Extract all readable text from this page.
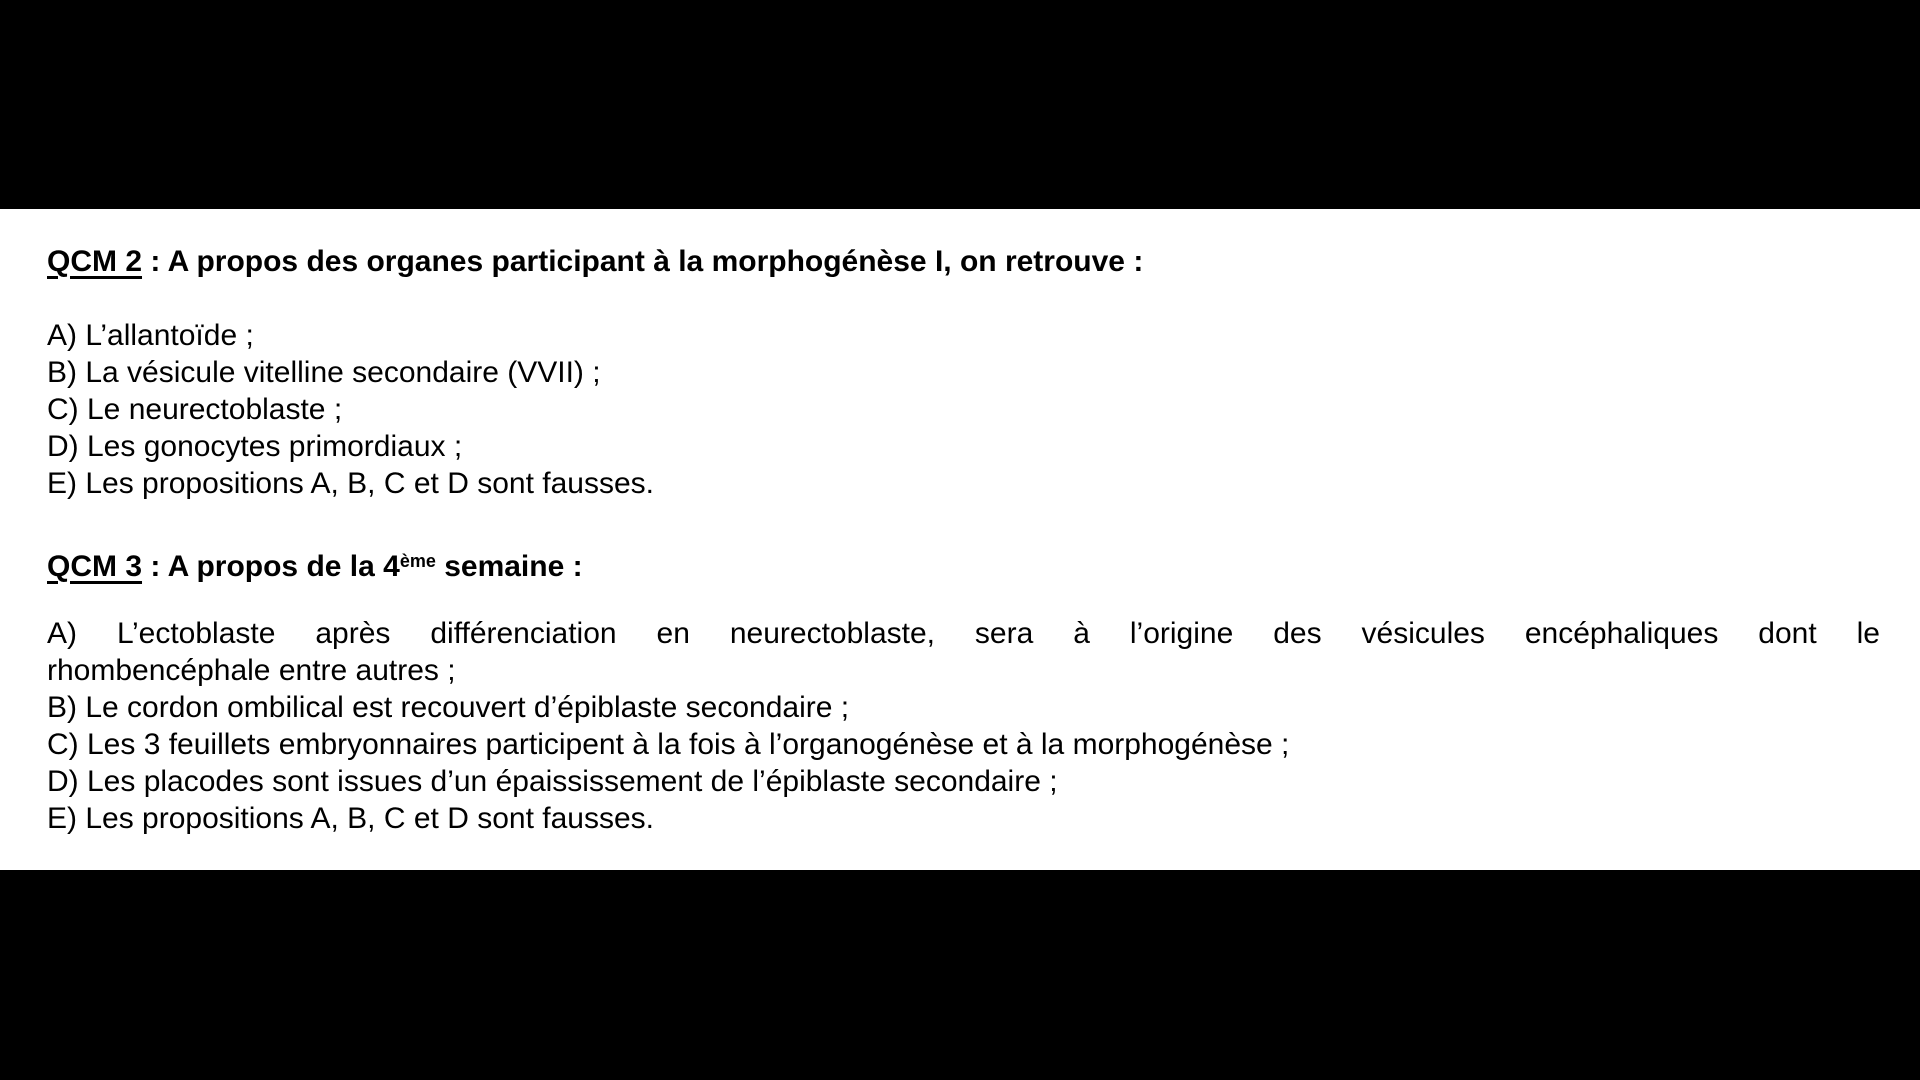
QCM 2 : A propos des organes participant à la morphogénèse I, on retrouve :
A) L’allantoïde ;
B) La vésicule vitelline secondaire (VVII) ;
C) Le neurectoblaste ;
D) Les gonocytes primordiaux ;
E) Les propositions A, B, C et D sont fausses.
QCM 3 : A propos de la 4ème semaine :
A) L’ectoblaste après différenciation en neurectoblaste, sera à l’origine des vésicules encéphaliques dont le
rhombencéphale entre autres ;
B) Le cordon ombilical est recouvert d’épiblaste secondaire ;
C) Les 3 feuillets embryonnaires participent à la fois à l’organogénèse et à la morphogénèse ;
D) Les placodes sont issues d’un épaississement de l’épiblaste secondaire ;
E) Les propositions A, B, C et D sont fausses.
